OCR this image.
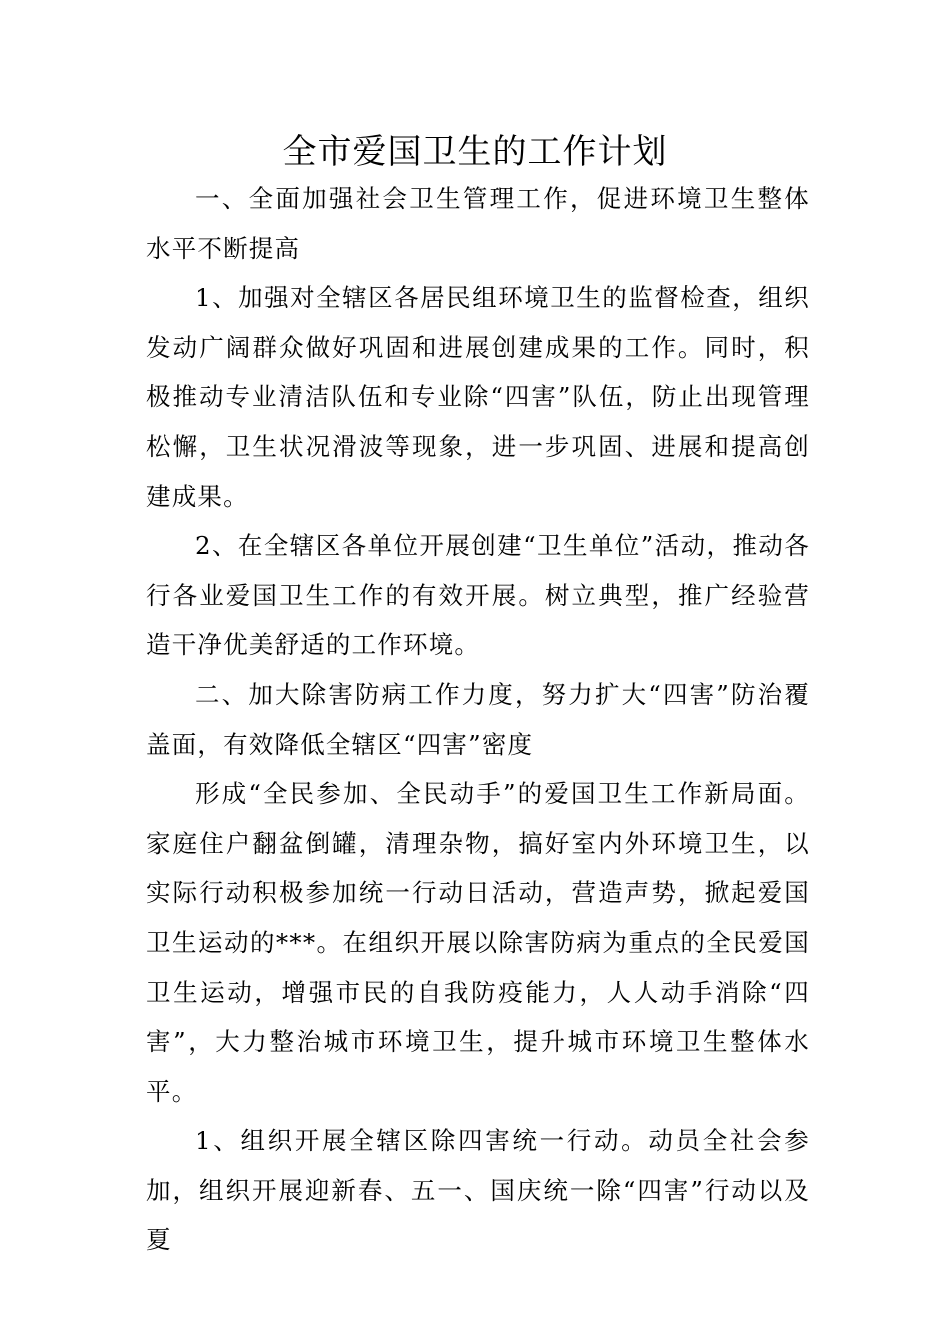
全市爱国卫生的工作计划

一、全面加强社会卫生管理工作，促进环境卫生整体水平不断提高

1、加强对全辖区各居民组环境卫生的监督检查，组织发动广阔群众做好巩固和进展创建成果的工作。同时，积极推动专业清洁队伍和专业除“四害”队伍，防止出现管理松懈，卫生状况滑波等现象，进一步巩固、进展和提高创建成果。

2、在全辖区各单位开展创建“卫生单位”活动，推动各行各业爱国卫生工作的有效开展。树立典型，推广经验营造干净优美舒适的工作环境。

二、加大除害防病工作力度，努力扩大“四害”防治覆盖面，有效降低全辖区“四害”密度

形成“全民参加、全民动手”的爱国卫生工作新局面。家庭住户翻盆倒罐，清理杂物，搞好室内外环境卫生，以实际行动积极参加统一行动日活动，营造声势，掀起爱国卫生运动的***。在组织开展以除害防病为重点的全民爱国卫生运动，增强市民的自我防疫能力，人人动手消除“四害”，大力整治城市环境卫生，提升城市环境卫生整体水平。

1、组织开展全辖区除四害统一行动。动员全社会参加，组织开展迎新春、五一、国庆统一除“四害”行动以及夏
